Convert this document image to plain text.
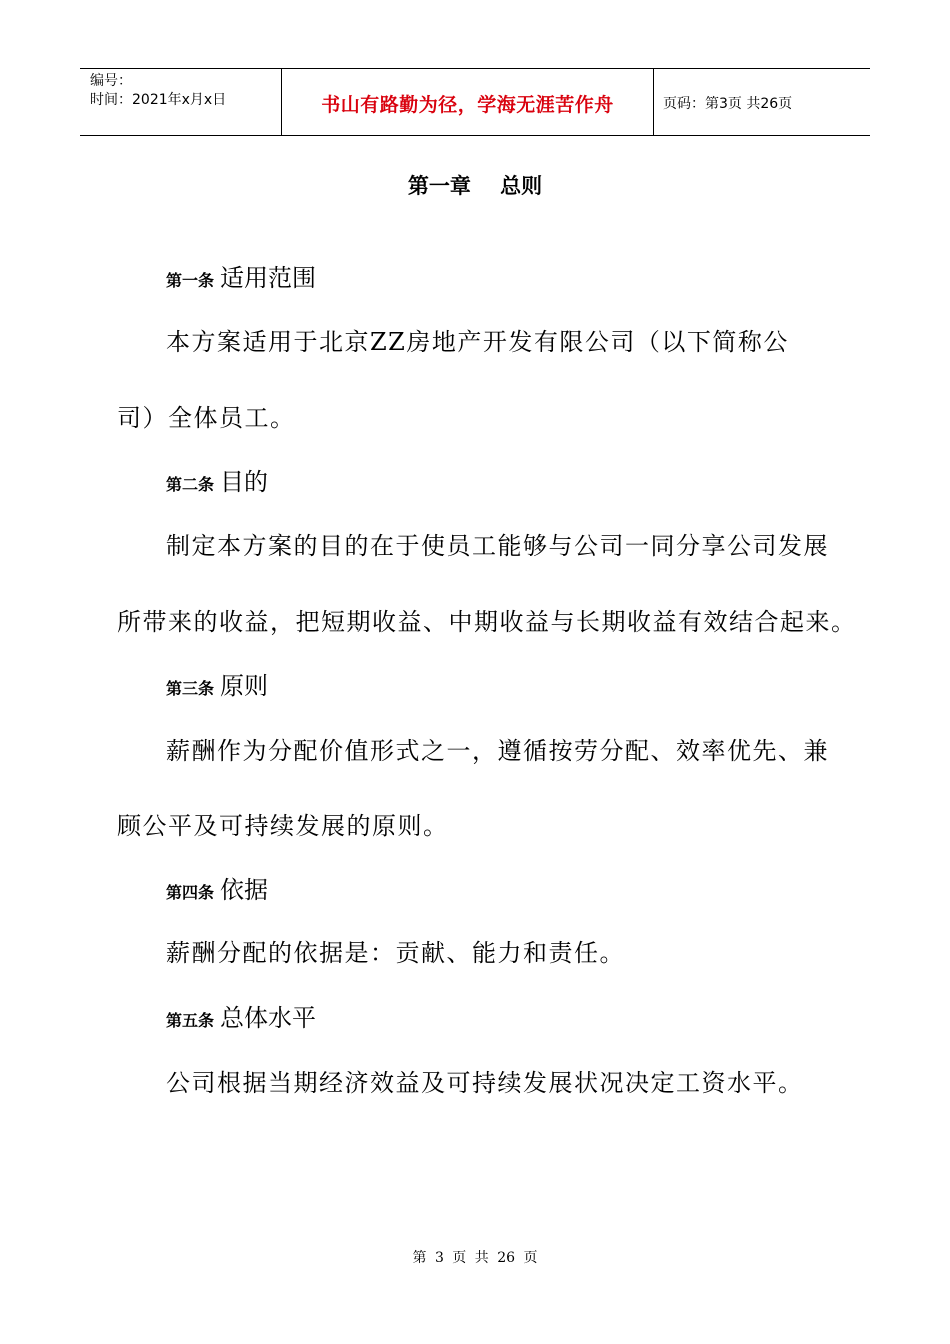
编号：
时间：2021年x月x日	书山有路勤为径，学海无涯苦作舟	页码：第3页 共26页
第一章    总则
第一条 适用范围
本方案适用于北京ZZ房地产开发有限公司（以下简称公
司）全体员工。
第二条 目的
制定本方案的目的在于使员工能够与公司一同分享公司发展
所带来的收益，把短期收益、中期收益与长期收益有效结合起来。
第三条 原则
薪酬作为分配价值形式之一，遵循按劳分配、效率优先、兼
顾公平及可持续发展的原则。
第四条 依据
薪酬分配的依据是：贡献、能力和责任。
第五条 总体水平
公司根据当期经济效益及可持续发展状况决定工资水平。
第 3 页 共 26 页
